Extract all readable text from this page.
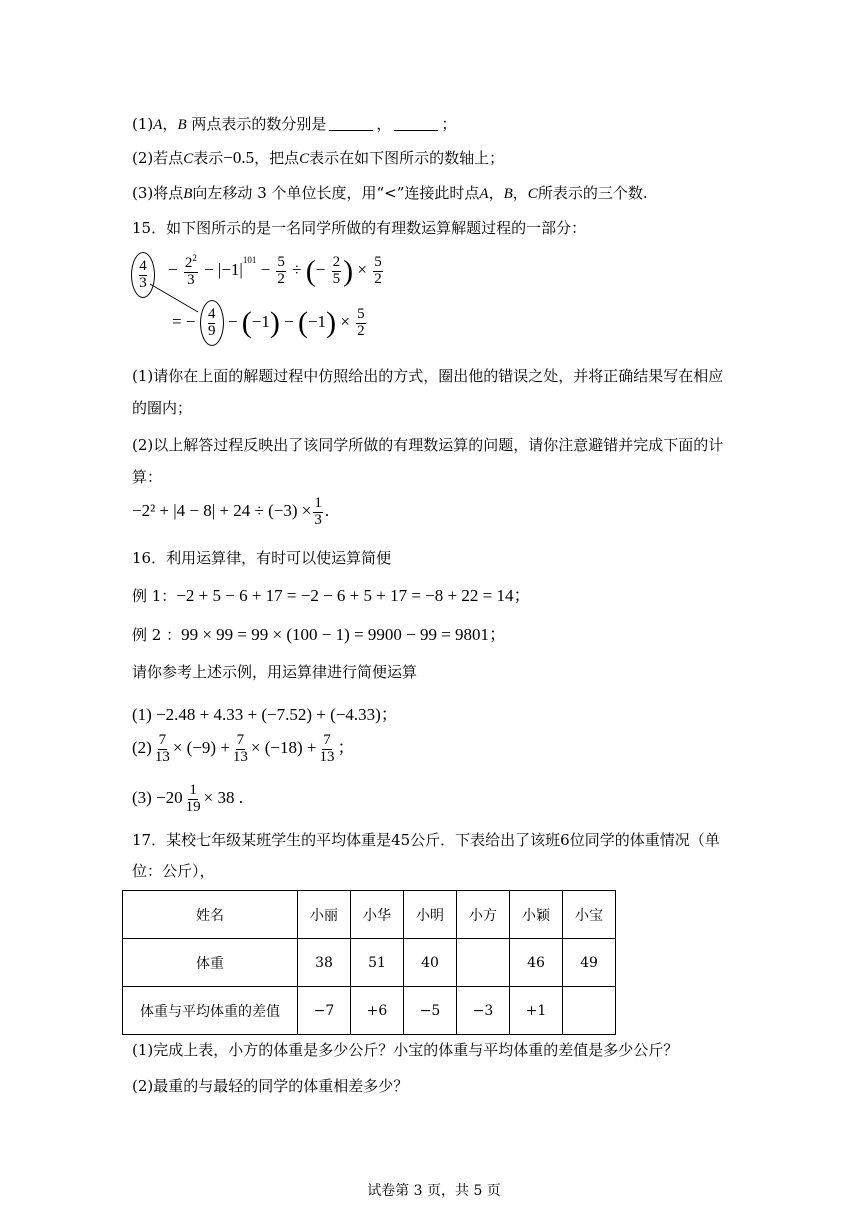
(1)A，B 两点表示的数分别是	，	；
(2)若点C表示−0.5，把点C表示在如下图所示的数轴上；
(3)将点B向左移动 3 个单位长度，用“<”连接此时点A，B，C所表示的三个数.
15．如下图所示的是一名同学所做的有理数运算解题过程的一部分：
4
3
− $\frac{2^2}{3} - |-1|^{101} - \frac{5}{2}$ ÷ (− $\frac{2}{5}$ ) × $\frac{5}{2}$
= − $\frac{4}{9} - (-1) - (-1) \times \frac{5}{2}$
(1)请你在上面的解题过程中仿照给出的方式，圈出他的错误之处，并将正确结果写在相应
的圈内；
(2)以上解答过程反映出了该同学所做的有理数运算的问题，请你注意避错并完成下面的计
算：
$-2^2 + |4 - 8| + 24 \div (-3) \times \frac{1}{3}$ .
16．利用运算律，有时可以使运算简便
例 1：−2 + 5 − 6 + 17 = −2 − 6 + 5 + 17 = −8 + 22 = 14；
例 2 ：99 × 99 = 99 × (100 − 1) = 9900 − 99 = 9801；
请你参考上述示例，用运算律进行简便运算
(1) −2.48 + 4.33 + (−7.52) + (−4.33)；
$(2) \frac{7}{13} \times (-9) + \frac{7}{13} \times (-18) + \frac{7}{13}$ ；
$(3) -20 \frac{1}{19} \times 38$ .
17．某校七年级某班学生的平均体重是45公斤．下表给出了该班6位同学的体重情况（单
位：公斤），
姓名	小丽	小华	小明	小方	小颖	小宝
体重	38	51	40		46	49
体重与平均体重的差值	−7	+6	−5	−3	+1	
(1)完成上表，小方的体重是多少公斤？小宝的体重与平均体重的差值是多少公斤？
(2)最重的与最轻的同学的体重相差多少？
试卷第 3 页，共 5 页
